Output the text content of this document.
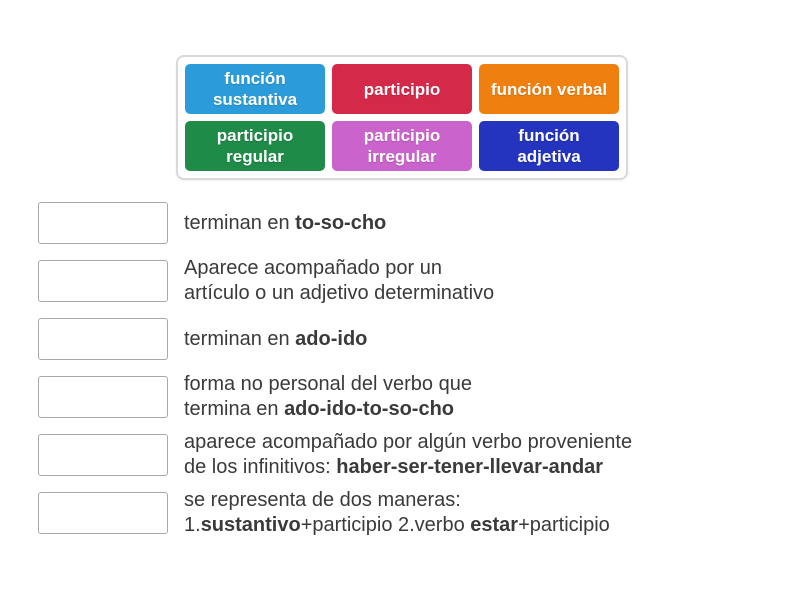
función sustantiva
participio	función verbal
participio regular
participio irregular
función adjetiva
terminan en to-so-cho
Aparece acompañado por un
artículo o un adjetivo determinativo
terminan en ado-ido
forma no personal del verbo que
termina en ado-ido-to-so-cho
aparece acompañado por algún verbo proveniente
de los infinitivos: haber-ser-tener-llevar-andar
se representa de dos maneras:
1.sustantivo+participio 2.verbo estar+participio
